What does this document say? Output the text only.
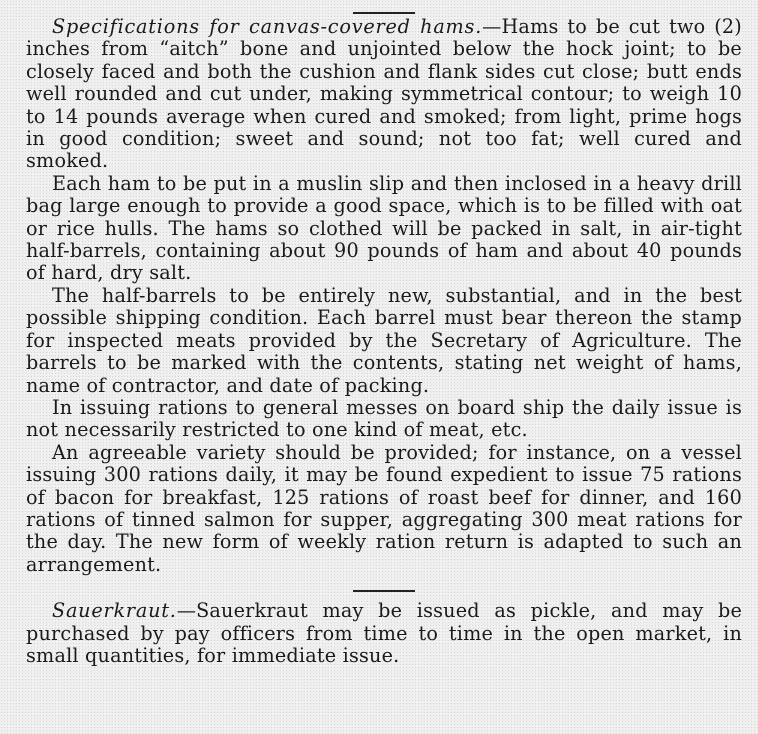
Specifications for canvas-covered hams.—Hams to be cut two (2) inches from “aitch” bone and unjointed below the hock joint; to be closely faced and both the cushion and flank sides cut close; butt ends well rounded and cut under, making symmetrical contour; to weigh 10 to 14 pounds average when cured and smoked; from light, prime hogs in good condition; sweet and sound; not too fat; well cured and smoked.

Each ham to be put in a muslin slip and then inclosed in a heavy drill bag large enough to provide a good space, which is to be filled with oat or rice hulls. The hams so clothed will be packed in salt, in air-tight half-barrels, containing about 90 pounds of ham and about 40 pounds of hard, dry salt.

The half-barrels to be entirely new, substantial, and in the best possible shipping condition. Each barrel must bear thereon the stamp for inspected meats provided by the Secretary of Agriculture. The barrels to be marked with the contents, stating net weight of hams, name of contractor, and date of packing.

In issuing rations to general messes on board ship the daily issue is not necessarily restricted to one kind of meat, etc.

An agreeable variety should be provided; for instance, on a vessel issuing 300 rations daily, it may be found expedient to issue 75 rations of bacon for breakfast, 125 rations of roast beef for dinner, and 160 rations of tinned salmon for supper, aggregating 300 meat rations for the day. The new form of weekly ration return is adapted to such an arrangement.

Sauerkraut.—Sauerkraut may be issued as pickle, and may be purchased by pay officers from time to time in the open market, in small quantities, for immediate issue.
